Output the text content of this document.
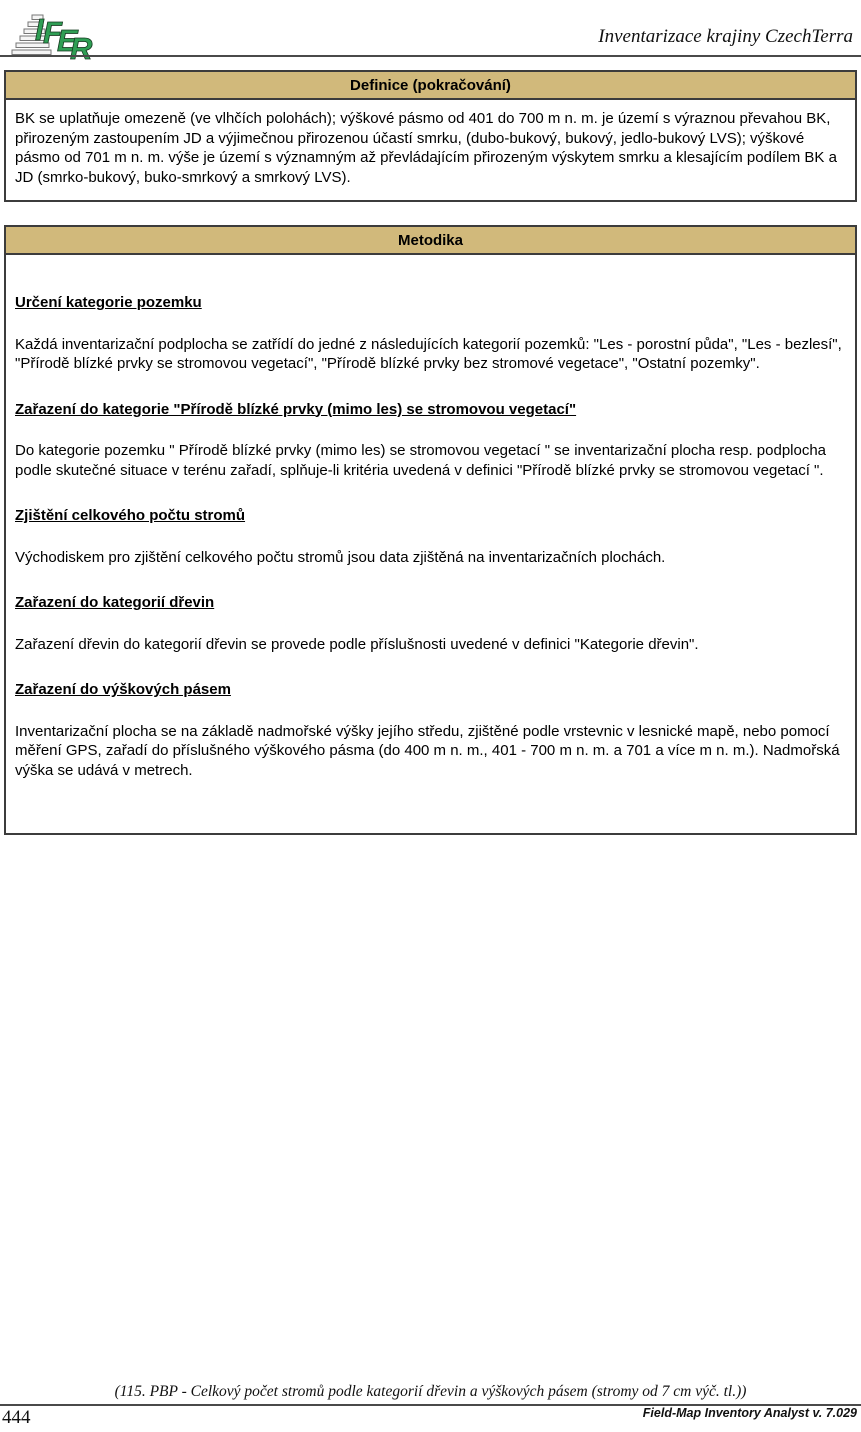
I F E R	Inventarizace krajiny CzechTerra
Definice (pokračování)
BK se uplatňuje omezeně (ve vlhčích polohách); výškové pásmo od 401 do 700 m n. m. je území s výraznou převahou BK, přirozeným zastoupením JD a výjimečnou přirozenou účastí smrku, (dubo-bukový, bukový, jedlo-bukový LVS); výškové pásmo od 701 m n. m. výše je území s významným až převládajícím přirozeným výskytem smrku a klesajícím podílem BK a JD (smrko-bukový, buko-smrkový a smrkový LVS).
Metodika
Určení kategorie pozemku
Každá inventarizační podplocha se zatřídí do jedné z následujících kategorií pozemků: "Les - porostní půda", "Les - bezlesí", "Přírodě blízké prvky se stromovou vegetací", "Přírodě blízké prvky bez stromové vegetace", "Ostatní pozemky".
Zařazení do kategorie "Přírodě blízké prvky (mimo les) se stromovou vegetací"
Do kategorie pozemku " Přírodě blízké prvky (mimo les) se stromovou vegetací " se inventarizační plocha resp. podplocha podle skutečné situace v terénu zařadí, splňuje-li kritéria uvedená v definici "Přírodě blízké prvky se stromovou vegetací ".
Zjištění celkového počtu stromů
Východiskem pro zjištění celkového počtu stromů jsou data zjištěná na inventarizačních plochách.
Zařazení do kategorií dřevin
Zařazení dřevin do kategorií dřevin se provede podle příslušnosti uvedené v definici "Kategorie dřevin".
Zařazení do výškových pásem
Inventarizační plocha se na základě nadmořské výšky jejího středu, zjištěné podle vrstevnic v lesnické mapě, nebo pomocí měření GPS, zařadí do příslušného výškového pásma (do 400 m n. m., 401 - 700 m n. m. a 701 a více m n. m.). Nadmořská výška se udává v metrech.
(115. PBP - Celkový počet stromů podle kategorií dřevin a výškových pásem (stromy od 7 cm výč. tl.))
444	Field-Map Inventory Analyst v. 7.029
